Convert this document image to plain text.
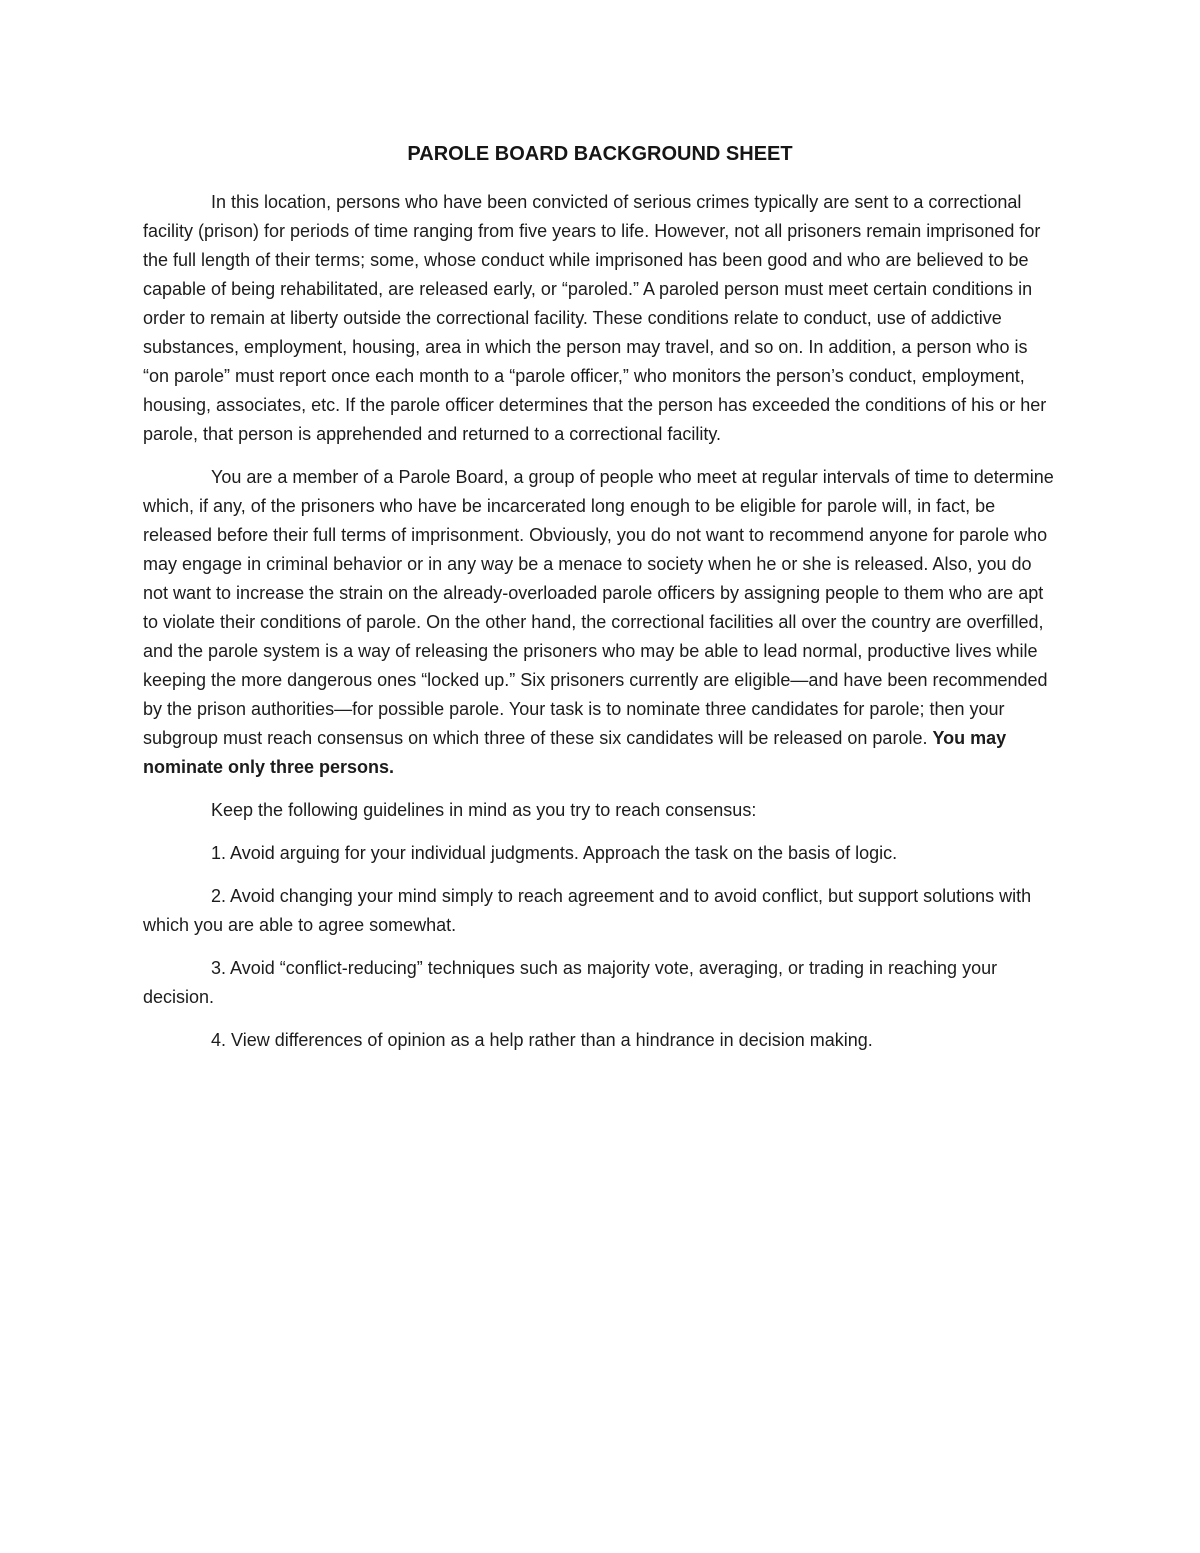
PAROLE BOARD BACKGROUND SHEET

In this location, persons who have been convicted of serious crimes typically are sent to a correctional facility (prison) for periods of time ranging from five years to life. However, not all prisoners remain imprisoned for the full length of their terms; some, whose conduct while imprisoned has been good and who are believed to be capable of being rehabilitated, are released early, or “paroled.” A paroled person must meet certain conditions in order to remain at liberty outside the correctional facility. These conditions relate to conduct, use of addictive substances, employment, housing, area in which the person may travel, and so on. In addition, a person who is “on parole” must report once each month to a “parole officer,” who monitors the person’s conduct, employment, housing, associates, etc. If the parole officer determines that the person has exceeded the conditions of his or her parole, that person is apprehended and returned to a correctional facility.

You are a member of a Parole Board, a group of people who meet at regular intervals of time to determine which, if any, of the prisoners who have be incarcerated long enough to be eligible for parole will, in fact, be released before their full terms of imprisonment. Obviously, you do not want to recommend anyone for parole who may engage in criminal behavior or in any way be a menace to society when he or she is released. Also, you do not want to increase the strain on the already-overloaded parole officers by assigning people to them who are apt to violate their conditions of parole. On the other hand, the correctional facilities all over the country are overfilled, and the parole system is a way of releasing the prisoners who may be able to lead normal, productive lives while keeping the more dangerous ones “locked up.” Six prisoners currently are eligible—and have been recommended by the prison authorities—for possible parole. Your task is to nominate three candidates for parole; then your subgroup must reach consensus on which three of these six candidates will be released on parole. You may nominate only three persons.

Keep the following guidelines in mind as you try to reach consensus:

1. Avoid arguing for your individual judgments. Approach the task on the basis of logic.

2. Avoid changing your mind simply to reach agreement and to avoid conflict, but support solutions with which you are able to agree somewhat.

3. Avoid “conflict-reducing” techniques such as majority vote, averaging, or trading in reaching your decision.

4. View differences of opinion as a help rather than a hindrance in decision making.
